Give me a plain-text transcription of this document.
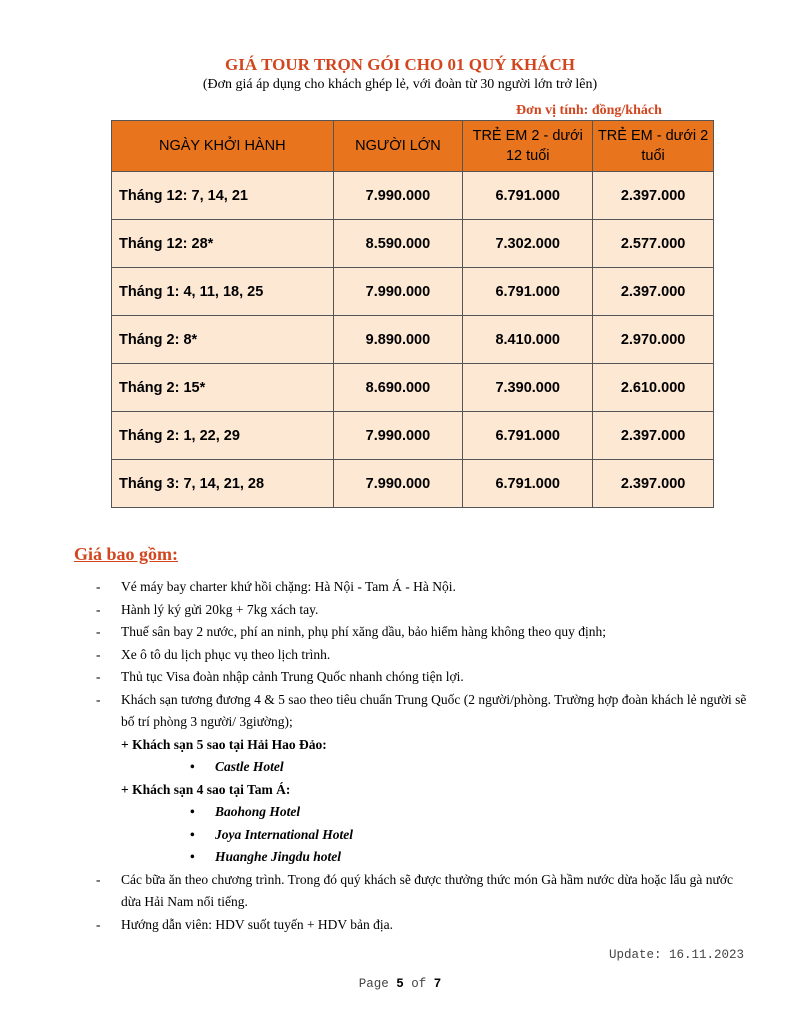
GIÁ TOUR TRỌN GÓI CHO 01 QUÝ KHÁCH
(Đơn giá áp dụng cho khách ghép lẻ, với đoàn từ 30 người lớn trở lên)
Đơn vị tính: đồng/khách
NGÀY KHỞI HÀNH	NGƯỜI LỚN	TRẺ EM 2 - dưới 12 tuổi	TRẺ EM - dưới 2 tuổi
Tháng 12: 7, 14, 21	7.990.000	6.791.000	2.397.000
Tháng 12: 28*	8.590.000	7.302.000	2.577.000
Tháng 1: 4, 11, 18, 25	7.990.000	6.791.000	2.397.000
Tháng 2: 8*	9.890.000	8.410.000	2.970.000
Tháng 2: 15*	8.690.000	7.390.000	2.610.000
Tháng 2: 1, 22, 29	7.990.000	6.791.000	2.397.000
Tháng 3: 7, 14, 21, 28	7.990.000	6.791.000	2.397.000
Giá bao gồm:
- Vé máy bay charter khứ hồi chặng: Hà Nội - Tam Á - Hà Nội.
- Hành lý ký gửi 20kg + 7kg xách tay.
- Thuế sân bay 2 nước, phí an ninh, phụ phí xăng dầu, bảo hiểm hàng không theo quy định;
- Xe ô tô du lịch phục vụ theo lịch trình.
- Thủ tục Visa đoàn nhập cảnh Trung Quốc nhanh chóng tiện lợi.
- Khách sạn tương đương 4 & 5 sao theo tiêu chuẩn Trung Quốc (2 người/phòng. Trường hợp đoàn khách lẻ người sẽ bố trí phòng 3 người/ 3giường);
+ Khách sạn 5 sao tại Hải Hao Đảo:
• Castle Hotel
+ Khách sạn 4 sao tại Tam Á:
• Baohong Hotel
• Joya International Hotel
• Huanghe Jingdu hotel
- Các bữa ăn theo chương trình. Trong đó quý khách sẽ được thưởng thức món Gà hầm nước dừa hoặc lẩu gà nước dừa Hải Nam nổi tiếng.
- Hướng dẫn viên: HDV suốt tuyến + HDV bản địa.
Update: 16.11.2023
Page 5 of 7
